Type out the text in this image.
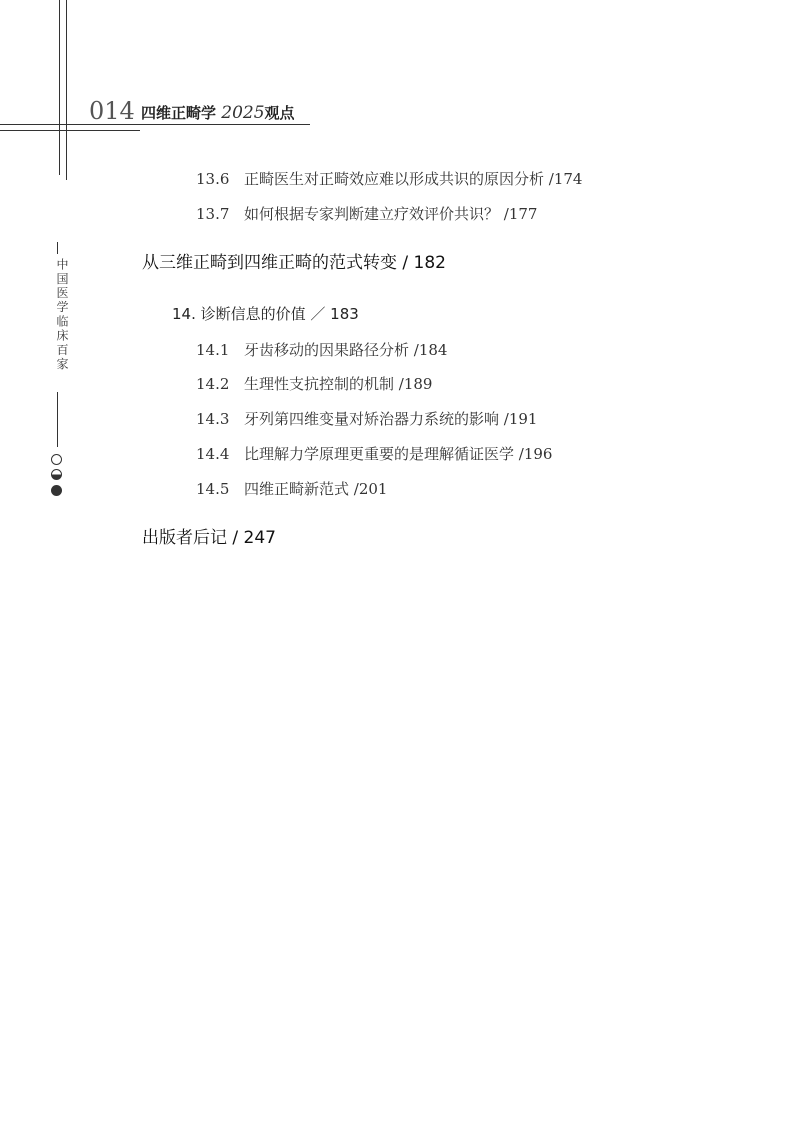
014 四维正畸学 2025观点
中国医学临床百家
13.6 正畸医生对正畸效应难以形成共识的原因分析 /174
13.7 如何根据专家判断建立疗效评价共识？ /177
从三维正畸到四维正畸的范式转变 / 182
14. 诊断信息的价值 ／ 183
14.1 牙齿移动的因果路径分析 /184
14.2 生理性支抗控制的机制 /189
14.3 牙列第四维变量对矫治器力系统的影响 /191
14.4 比理解力学原理更重要的是理解循证医学 /196
14.5 四维正畸新范式 /201
出版者后记 / 247
